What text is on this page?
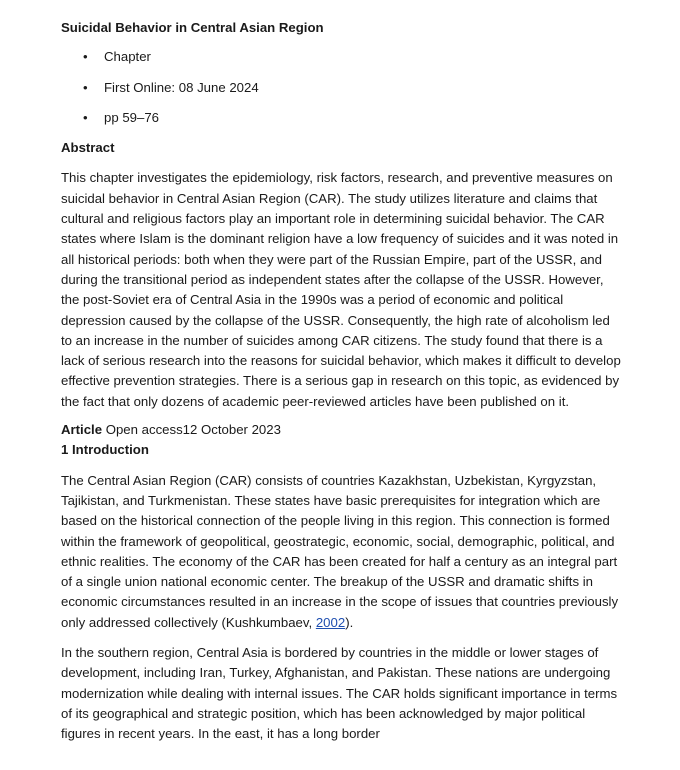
Suicidal Behavior in Central Asian Region
• Chapter
• First Online: 08 June 2024
• pp 59–76
Abstract

This chapter investigates the epidemiology, risk factors, research, and preventive measures on suicidal behavior in Central Asian Region (CAR). The study utilizes literature and claims that cultural and religious factors play an important role in determining suicidal behavior. The CAR states where Islam is the dominant religion have a low frequency of suicides and it was noted in all historical periods: both when they were part of the Russian Empire, part of the USSR, and during the transitional period as independent states after the collapse of the USSR. However, the post-Soviet era of Central Asia in the 1990s was a period of economic and political depression caused by the collapse of the USSR. Consequently, the high rate of alcoholism led to an increase in the number of suicides among CAR citizens. The study found that there is a lack of serious research into the reasons for suicidal behavior, which makes it difficult to develop effective prevention strategies. There is a serious gap in research on this topic, as evidenced by the fact that only dozens of academic peer-reviewed articles have been published on it.

Article Open access12 October 2023
1 Introduction

The Central Asian Region (CAR) consists of countries Kazakhstan, Uzbekistan, Kyrgyzstan, Tajikistan, and Turkmenistan. These states have basic prerequisites for integration which are based on the historical connection of the people living in this region. This connection is formed within the framework of geopolitical, geostrategic, economic, social, demographic, political, and ethnic realities. The economy of the CAR has been created for half a century as an integral part of a single union national economic center. The breakup of the USSR and dramatic shifts in economic circumstances resulted in an increase in the scope of issues that countries previously only addressed collectively (Kushkumbaev, 2002).

In the southern region, Central Asia is bordered by countries in the middle or lower stages of development, including Iran, Turkey, Afghanistan, and Pakistan. These nations are undergoing modernization while dealing with internal issues. The CAR holds significant importance in terms of its geographical and strategic position, which has been acknowledged by major political figures in recent years. In the east, it has a long border
